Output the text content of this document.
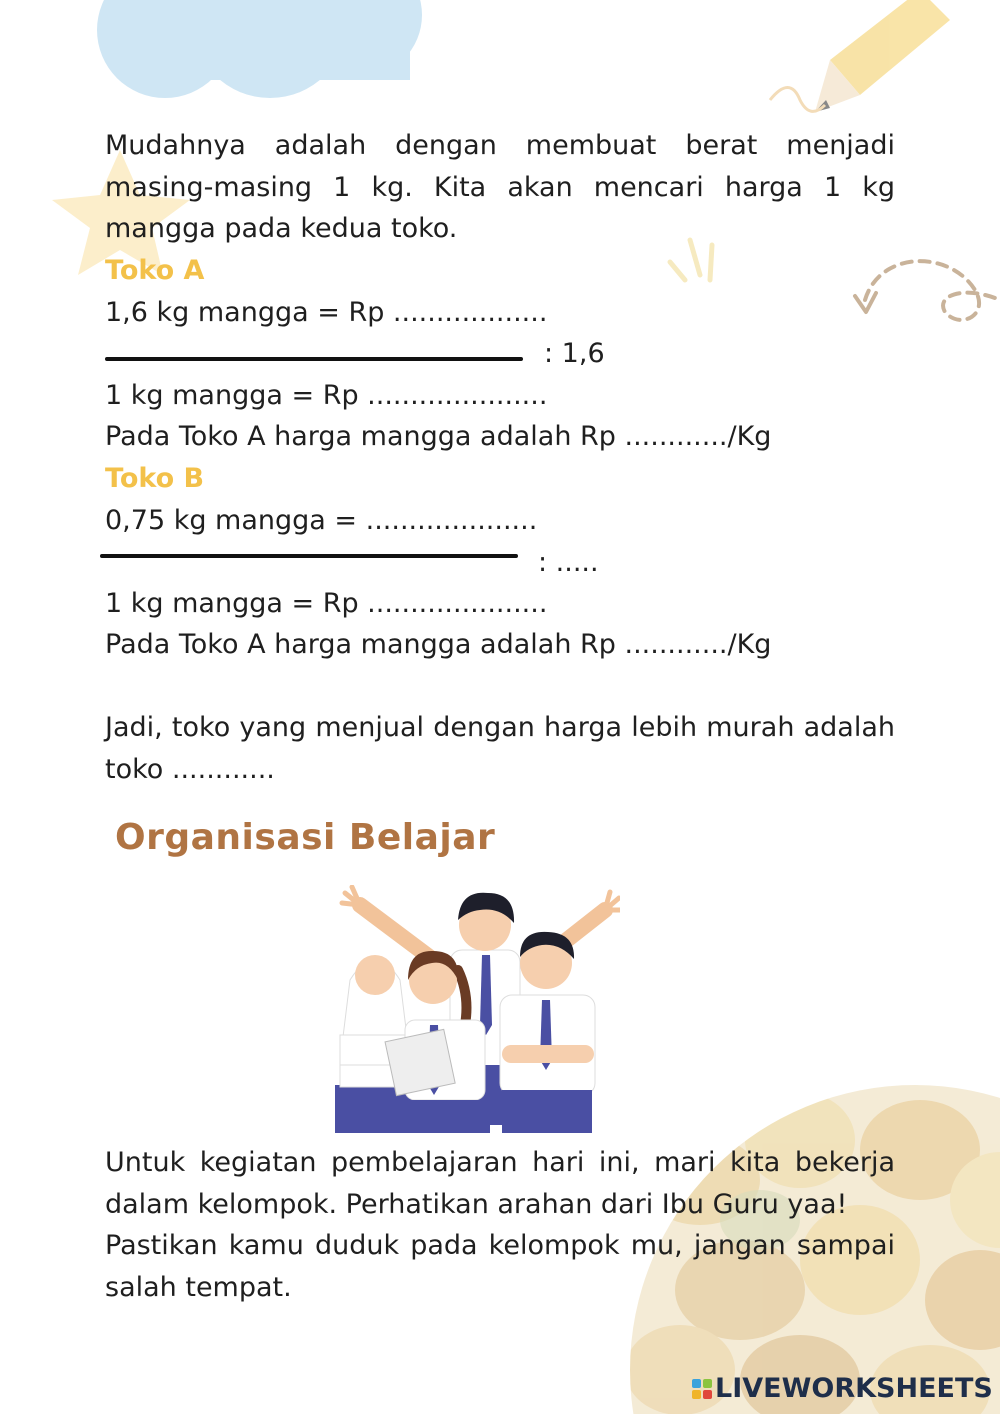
Mudahnya adalah dengan membuat berat menjadi masing-masing 1 kg. Kita akan mencari harga 1 kg mangga pada kedua toko.
Toko A
1,6 kg mangga = Rp ..................
: 1,6
1 kg mangga = Rp .....................
Pada Toko A harga mangga adalah Rp ............/Kg
Toko B
0,75 kg mangga = ....................
: .....
1 kg mangga = Rp .....................
Pada Toko A harga mangga adalah Rp ............/Kg
Jadi, toko yang menjual dengan harga lebih murah adalah toko ............
Organisasi Belajar
Untuk kegiatan pembelajaran hari ini, mari kita bekerja dalam kelompok. Perhatikan arahan dari Ibu Guru yaa!
Pastikan kamu duduk pada kelompok mu, jangan sampai salah tempat.
LIVEWORKSHEETS
